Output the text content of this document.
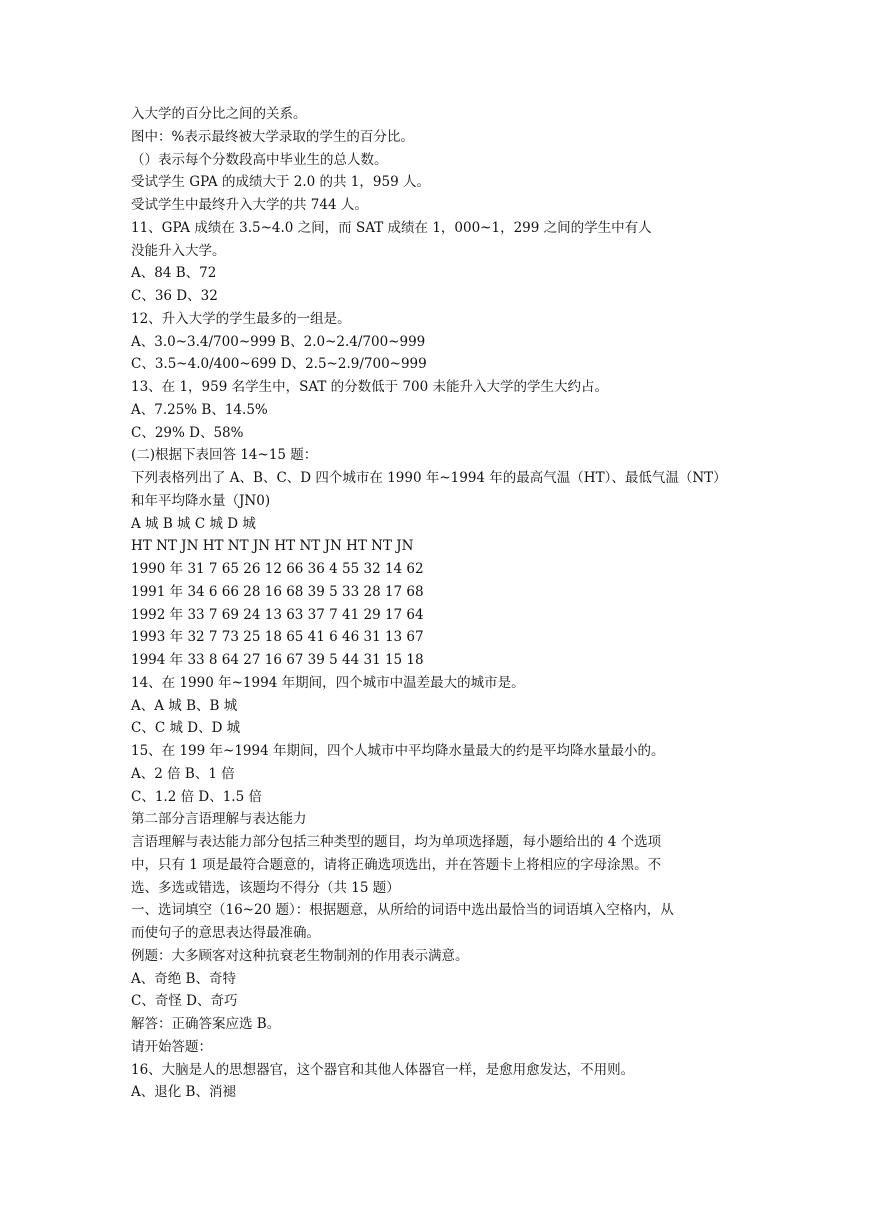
入大学的百分比之间的关系。
图中：%表示最终被大学录取的学生的百分比。
（）表示每个分数段高中毕业生的总人数。
受试学生 GPA 的成绩大于 2.0 的共 1，959 人。
受试学生中最终升入大学的共 744 人。
11、GPA 成绩在 3.5~4.0 之间，而 SAT 成绩在 1，000~1，299 之间的学生中有人
没能升入大学。
A、84 B、72
C、36 D、32
12、升入大学的学生最多的一组是。
A、3.0~3.4/700~999 B、2.0~2.4/700~999
C、3.5~4.0/400~699 D、2.5~2.9/700~999
13、在 1，959 名学生中，SAT 的分数低于 700 未能升入大学的学生大约占。
A、7.25% B、14.5%
C、29% D、58%
(二)根据下表回答 14~15 题：
下列表格列出了 A、B、C、D 四个城市在 1990 年~1994 年的最高气温（HT）、最低气温（NT）
和年平均降水量（JN0)
A 城 B 城 C 城 D 城
HT NT JN HT NT JN HT NT JN HT NT JN
1990 年 31 7 65 26 12 66 36 4 55 32 14 62
1991 年 34 6 66 28 16 68 39 5 33 28 17 68
1992 年 33 7 69 24 13 63 37 7 41 29 17 64
1993 年 32 7 73 25 18 65 41 6 46 31 13 67
1994 年 33 8 64 27 16 67 39 5 44 31 15 18
14、在 1990 年~1994 年期间，四个城市中温差最大的城市是。
A、A 城 B、B 城
C、C 城 D、D 城
15、在 199 年~1994 年期间，四个人城市中平均降水量最大的约是平均降水量最小的。
A、2 倍 B、1 倍
C、1.2 倍 D、1.5 倍
第二部分言语理解与表达能力
言语理解与表达能力部分包括三种类型的题目，均为单项选择题，每小题给出的 4 个选项
中，只有 1 项是最符合题意的，请将正确选项选出，并在答题卡上将相应的字母涂黑。不
选、多选或错选，该题均不得分（共 15 题）
一、选词填空（16~20 题）：根据题意，从所给的词语中选出最恰当的词语填入空格内，从
而使句子的意思表达得最准确。
例题：大多顾客对这种抗衰老生物制剂的作用表示满意。
A、奇绝 B、奇特
C、奇怪 D、奇巧
解答：正确答案应选 B。
请开始答题：
16、大脑是人的思想器官，这个器官和其他人体器官一样，是愈用愈发达，不用则。
A、退化 B、消褪
